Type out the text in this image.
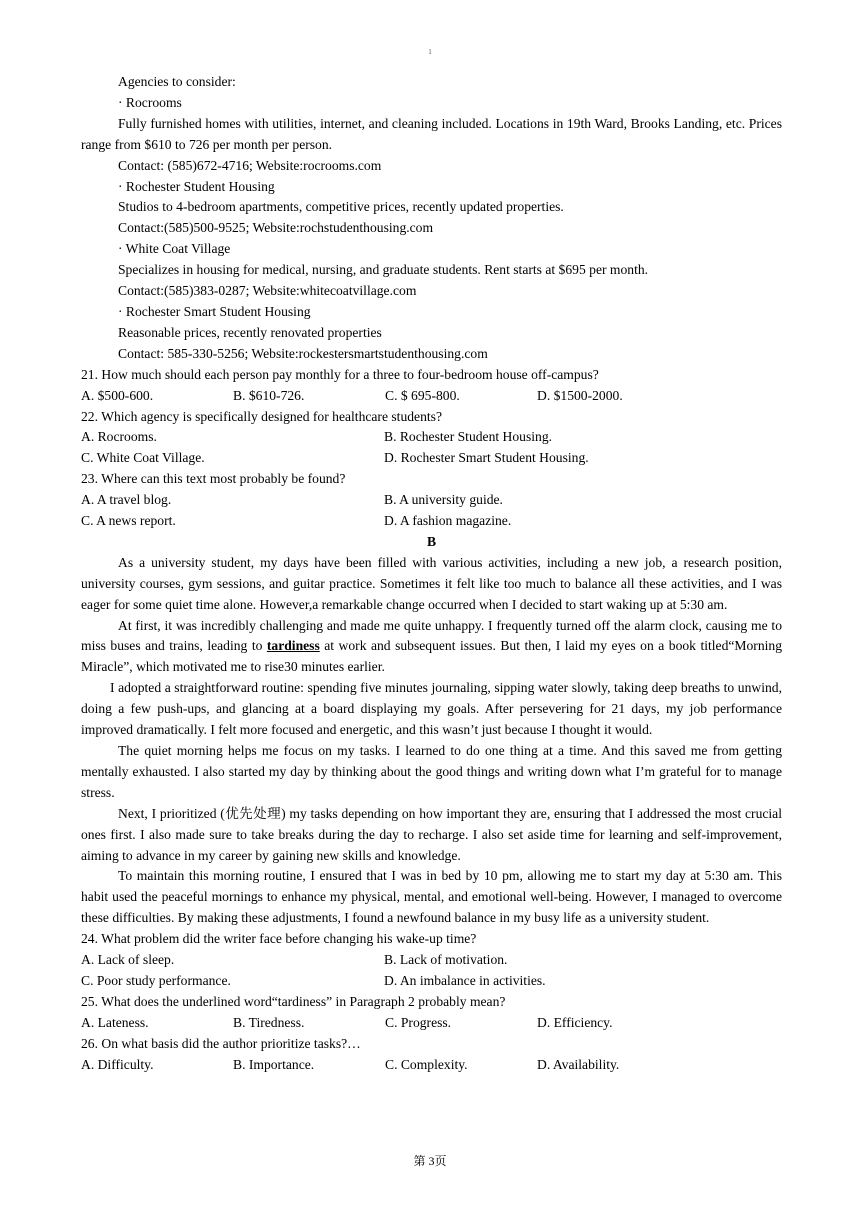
1

Agencies to consider:

· Rocrooms

Fully furnished homes with utilities, internet, and cleaning included. Locations in 19th Ward, Brooks Landing, etc. Prices range from $610 to 726 per month per person.

Contact: (585)672-4716; Website:rocrooms.com

· Rochester Student Housing

Studios to 4-bedroom apartments, competitive prices, recently updated properties.

Contact:(585)500-9525; Website:rochstudenthousing.com

· White Coat Village

Specializes in housing for medical, nursing, and graduate students. Rent starts at $695 per month.

Contact:(585)383-0287; Website:whitecoatvillage.com

· Rochester Smart Student Housing

Reasonable prices, recently renovated properties

Contact: 585-330-5256; Website:rockestersmartstudenthousing.com

21. How much should each person pay monthly for a three to four-bedroom house off-campus?

A. $500-600.	B. $610-726.	C. $ 695-800.	D. $1500-2000.

22. Which agency is specifically designed for healthcare students?

A. Rocrooms.	B. Rochester Student Housing.
C. White Coat Village.	D. Rochester Smart Student Housing.

23. Where can this text most probably be found?

A. A travel blog.	B. A university guide.
C. A news report.	D. A fashion magazine.

B

As a university student, my days have been filled with various activities, including a new job, a research position, university courses, gym sessions, and guitar practice. Sometimes it felt like too much to balance all these activities, and I was eager for some quiet time alone. However,a remarkable change occurred when I decided to start waking up at 5:30 am.

At first, it was incredibly challenging and made me quite unhappy. I frequently turned off the alarm clock, causing me to miss buses and trains, leading to tardiness at work and subsequent issues. But then, I laid my eyes on a book titled“Morning Miracle”, which motivated me to rise30 minutes earlier.

I adopted a straightforward routine: spending five minutes journaling, sipping water slowly, taking deep breaths to unwind, doing a few push-ups, and glancing at a board displaying my goals. After persevering for 21 days, my job performance improved dramatically. I felt more focused and energetic, and this wasn’t just because I thought it would.

The quiet morning helps me focus on my tasks. I learned to do one thing at a time. And this saved me from getting mentally exhausted. I also started my day by thinking about the good things and writing down what I’m grateful for to manage stress.

Next, I prioritized (优先处理) my tasks depending on how important they are, ensuring that I addressed the most crucial ones first. I also made sure to take breaks during the day to recharge. I also set aside time for learning and self-improvement, aiming to advance in my career by gaining new skills and knowledge.

To maintain this morning routine, I ensured that I was in bed by 10 pm, allowing me to start my day at 5:30 am. This habit used the peaceful mornings to enhance my physical, mental, and emotional well-being. However, I managed to overcome these difficulties. By making these adjustments, I found a newfound balance in my busy life as a university student.

24. What problem did the writer face before changing his wake-up time?

A. Lack of sleep.	B. Lack of motivation.
C. Poor study performance.	D. An imbalance in activities.

25. What does the underlined word“tardiness” in Paragraph 2 probably mean?

A. Lateness.	B. Tiredness.	C. Progress.	D. Efficiency.

26. On what basis did the author prioritize tasks?…

A. Difficulty.	B. Importance.	C. Complexity.	D. Availability.
第 3页
